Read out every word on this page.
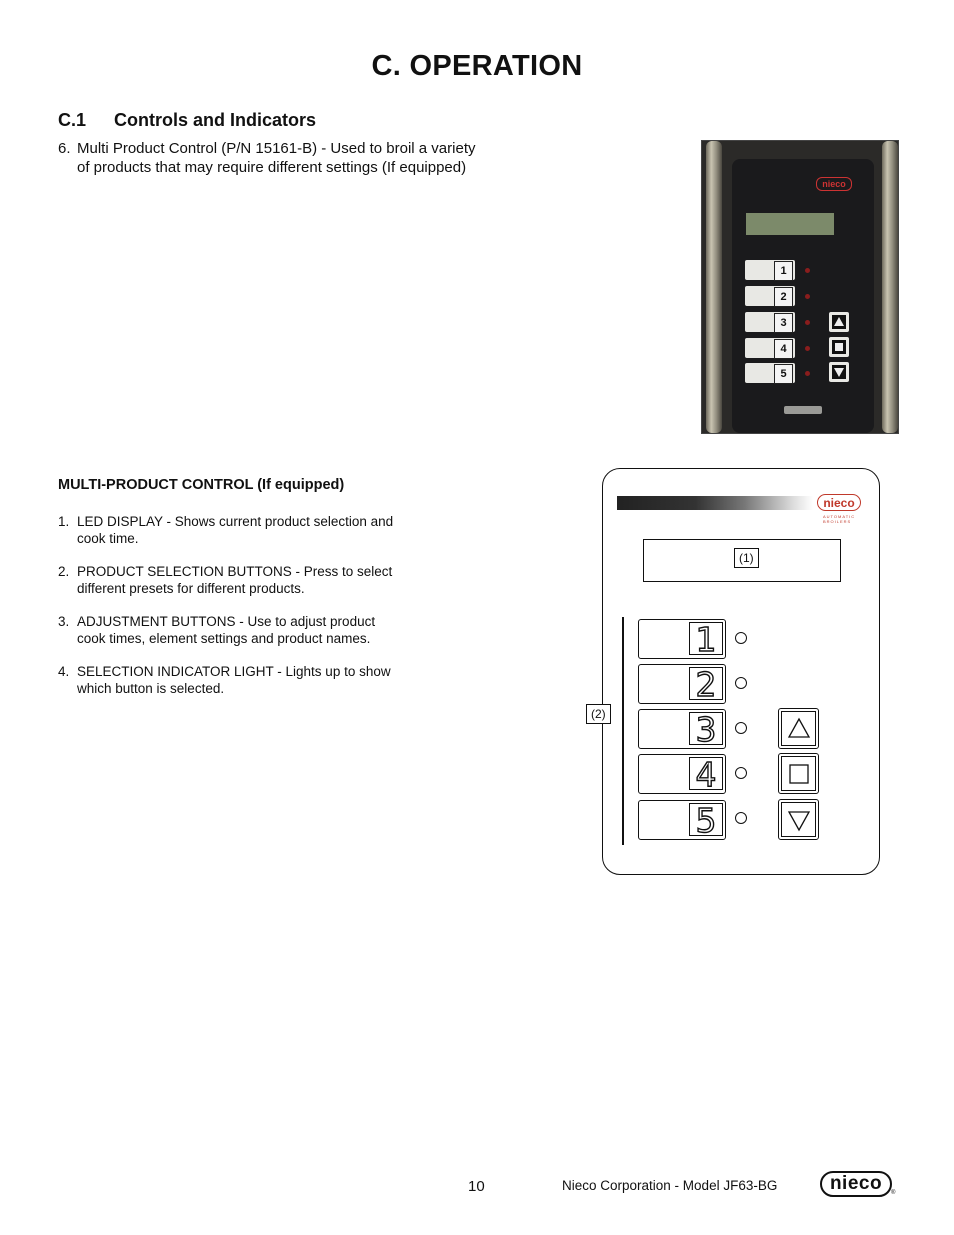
C. OPERATION
C.1 Controls and Indicators
6. Multi Product Control (P/N 15161-B) - Used to broil a variety of products that may require different settings (If equipped)
nieco
1
2
3
4
5
MULTI-PRODUCT CONTROL (If equipped)
1. LED DISPLAY - Shows current product selection and cook time.
2. PRODUCT SELECTION BUTTONS - Press to select different presets for different products.
3. ADJUSTMENT BUTTONS - Use to adjust product cook times, element settings and product names.
4. SELECTION INDICATOR LIGHT - Lights up to show which button is selected.
nieco
AUTOMATIC BROILERS
(1)
1
2
3
4
5
(2)
10	Nieco Corporation - Model JF63-BG	nieco	®
